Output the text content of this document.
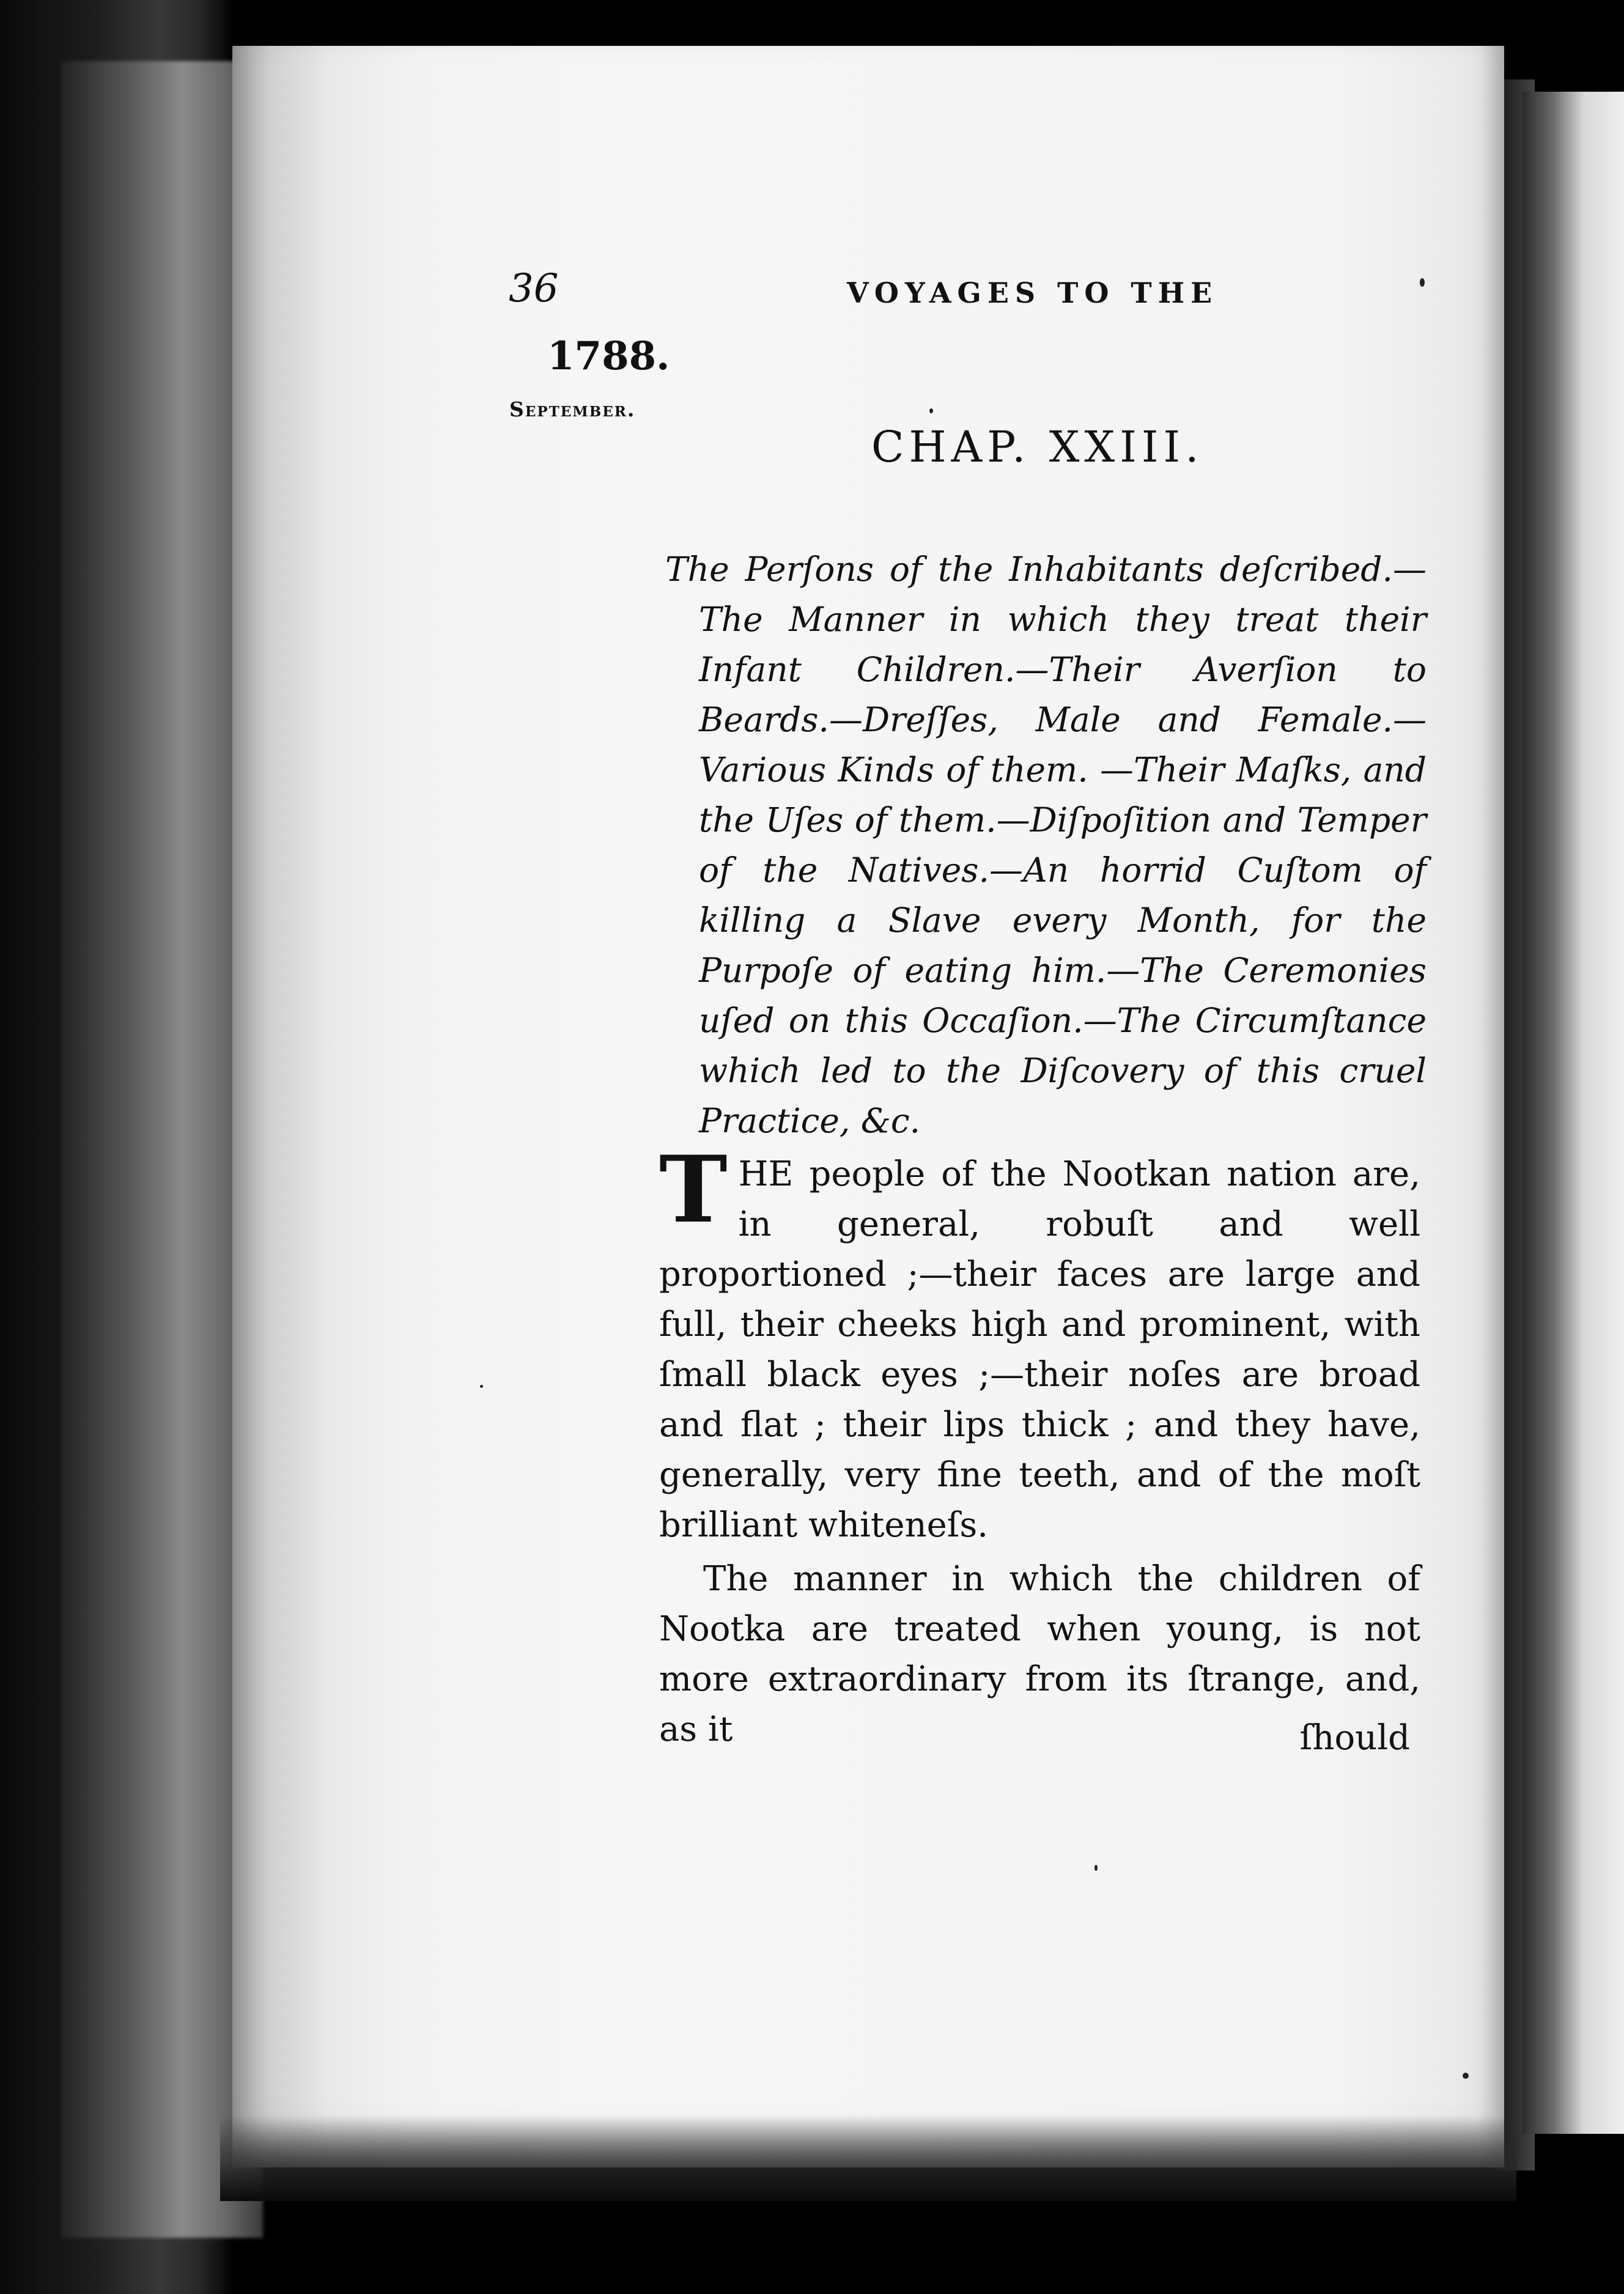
36	VOYAGES TO THE
1788.
September.
CHAP. XXIII.
The Perſons of the Inhabitants deſcribed.—The Manner in which they treat their Infant Children.—Their Averſion to Beards.—Dreſſes, Male and Female.—Various Kinds of them. —Their Maſks, and the Uſes of them.—Diſpoſition and Temper of the Natives.—An horrid Cuſtom of killing a Slave every Month, for the Purpoſe of eating him.—The Ceremonies uſed on this Occaſion.—The Circumſtance which led to the Diſcovery of this cruel Practice, &c.
T HE people of the Nootkan nation are, in general, robuſt and well proportioned ;—their faces are large and full, their cheeks high and prominent, with ſmall black eyes ;—their noſes are broad and flat ; their lips thick ; and they have, generally, very fine teeth, and of the moſt brilliant whiteneſs.
The manner in which the children of Nootka are treated when young, is not more extraordinary from its ſtrange, and, as it	ſhould
